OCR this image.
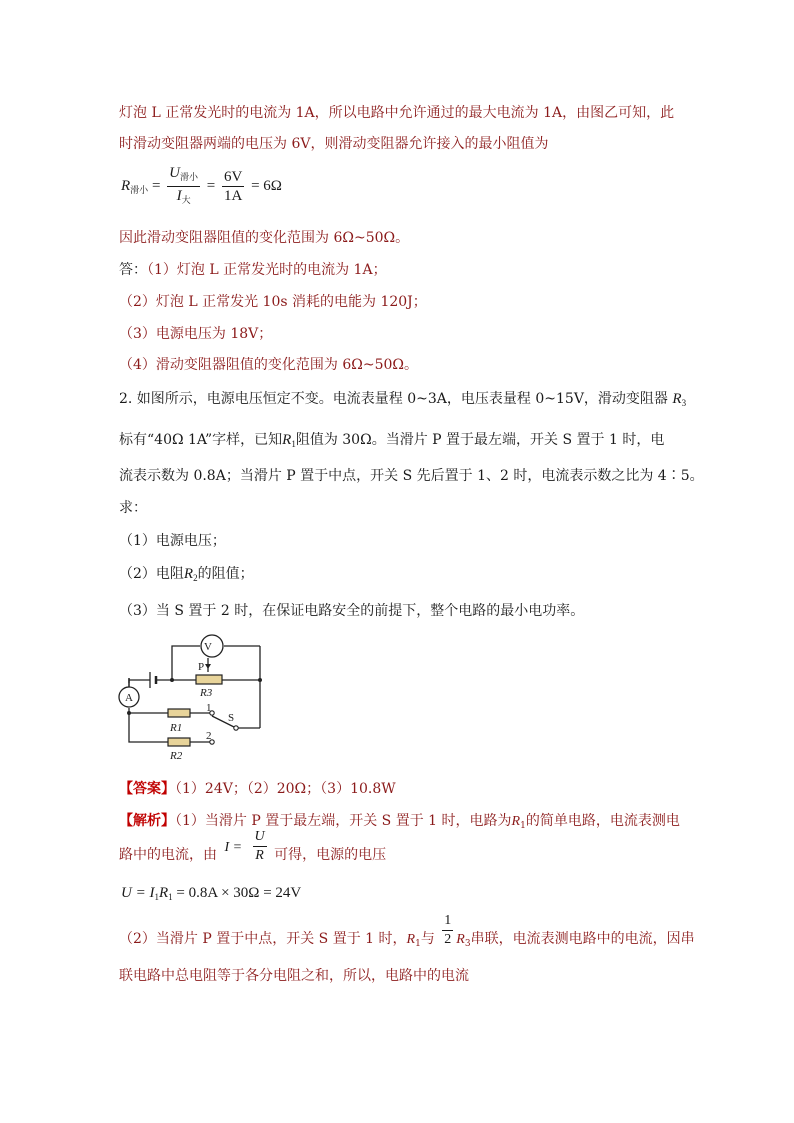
灯泡 L 正常发光时的电流为 1A，所以电路中允许通过的最大电流为 1A，由图乙可知，此
时滑动变阻器两端的电压为 6V，则滑动变阻器允许接入的最小阻值为
$R_{滑小} = \frac{U_{滑小}}{I_大} = \frac{6V}{1A} = 6\Omega$
因此滑动变阻器阻值的变化范围为 6Ω~50Ω。
答：（1）灯泡 L 正常发光时的电流为 1A；
（2）灯泡 L 正常发光 10s 消耗的电能为 120J；
（3）电源电压为 18V；
（4）滑动变阻器阻值的变化范围为 6Ω~50Ω。
2. 如图所示，电源电压恒定不变。电流表量程 0~3A，电压表量程 0~15V，滑动变阻器 $R_3$
标有“40Ω 1A”字样，已知$R_1$阻值为 30Ω。当滑片 P 置于最左端，开关 S 置于 1 时，电
流表示数为 0.8A；当滑片 P 置于中点，开关 S 先后置于 1、2 时，电流表示数之比为 4∶5。
求：
（1）电源电压；
（2）电阻$R_2$的阻值；
（3）当 S 置于 2 时，在保证电路安全的前提下，整个电路的最小电功率。
V
A
P
R3
R1
R2
S
1
2
【答案】（1）24V；（2）20Ω；（3）10.8W
【解析】（1）当滑片 P 置于最左端，开关 S 置于 1 时，电路为$R_1$的简单电路，电流表测电
路中的电流，由 $I = \frac{U}{R}$ 可得，电源的电压
$U = I_1R_1 = 0.8A \times 30\Omega = 24V$
（2）当滑片 P 置于中点，开关 S 置于 1 时，$R_1$与 $\frac{1}{2} R_3$串联，电流表测电路中的电流，因串
联电路中总电阻等于各分电阻之和，所以，电路中的电流
